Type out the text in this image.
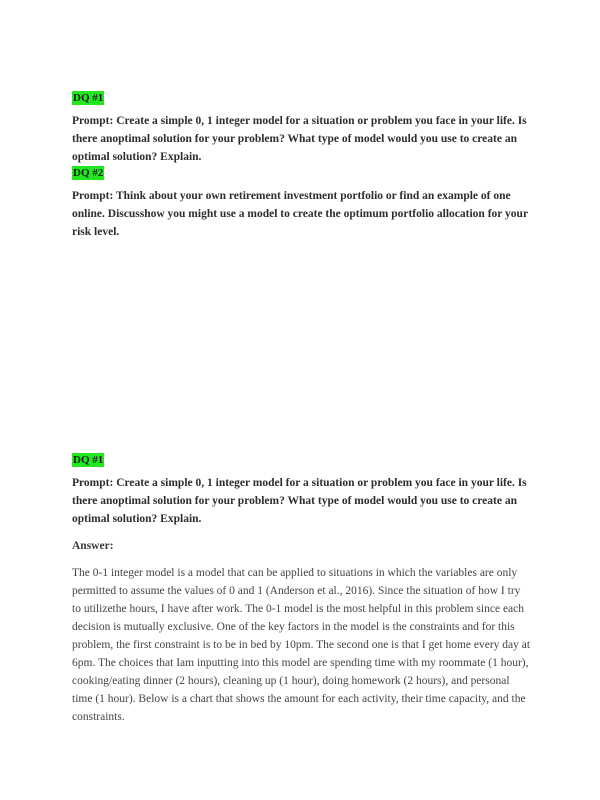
DQ #1

Prompt: Create a simple 0, 1 integer model for a situation or problem you face in your life. Is there anoptimal solution for your problem? What type of model would you use to create an optimal solution? Explain.

DQ #2

Prompt: Think about your own retirement investment portfolio or find an example of one online. Discusshow you might use a model to create the optimum portfolio allocation for your risk level.

DQ #1

Prompt: Create a simple 0, 1 integer model for a situation or problem you face in your life. Is there anoptimal solution for your problem? What type of model would you use to create an optimal solution? Explain.

Answer:

The 0-1 integer model is a model that can be applied to situations in which the variables are only permitted to assume the values of 0 and 1 (Anderson et al., 2016). Since the situation of how I try to utilizethe hours, I have after work. The 0-1 model is the most helpful in this problem since each decision is mutually exclusive. One of the key factors in the model is the constraints and for this problem, the first constraint is to be in bed by 10pm. The second one is that I get home every day at 6pm. The choices that Iam inputting into this model are spending time with my roommate (1 hour), cooking/eating dinner (2 hours), cleaning up (1 hour), doing homework (2 hours), and personal time (1 hour). Below is a chart that shows the amount for each activity, their time capacity, and the constraints.
